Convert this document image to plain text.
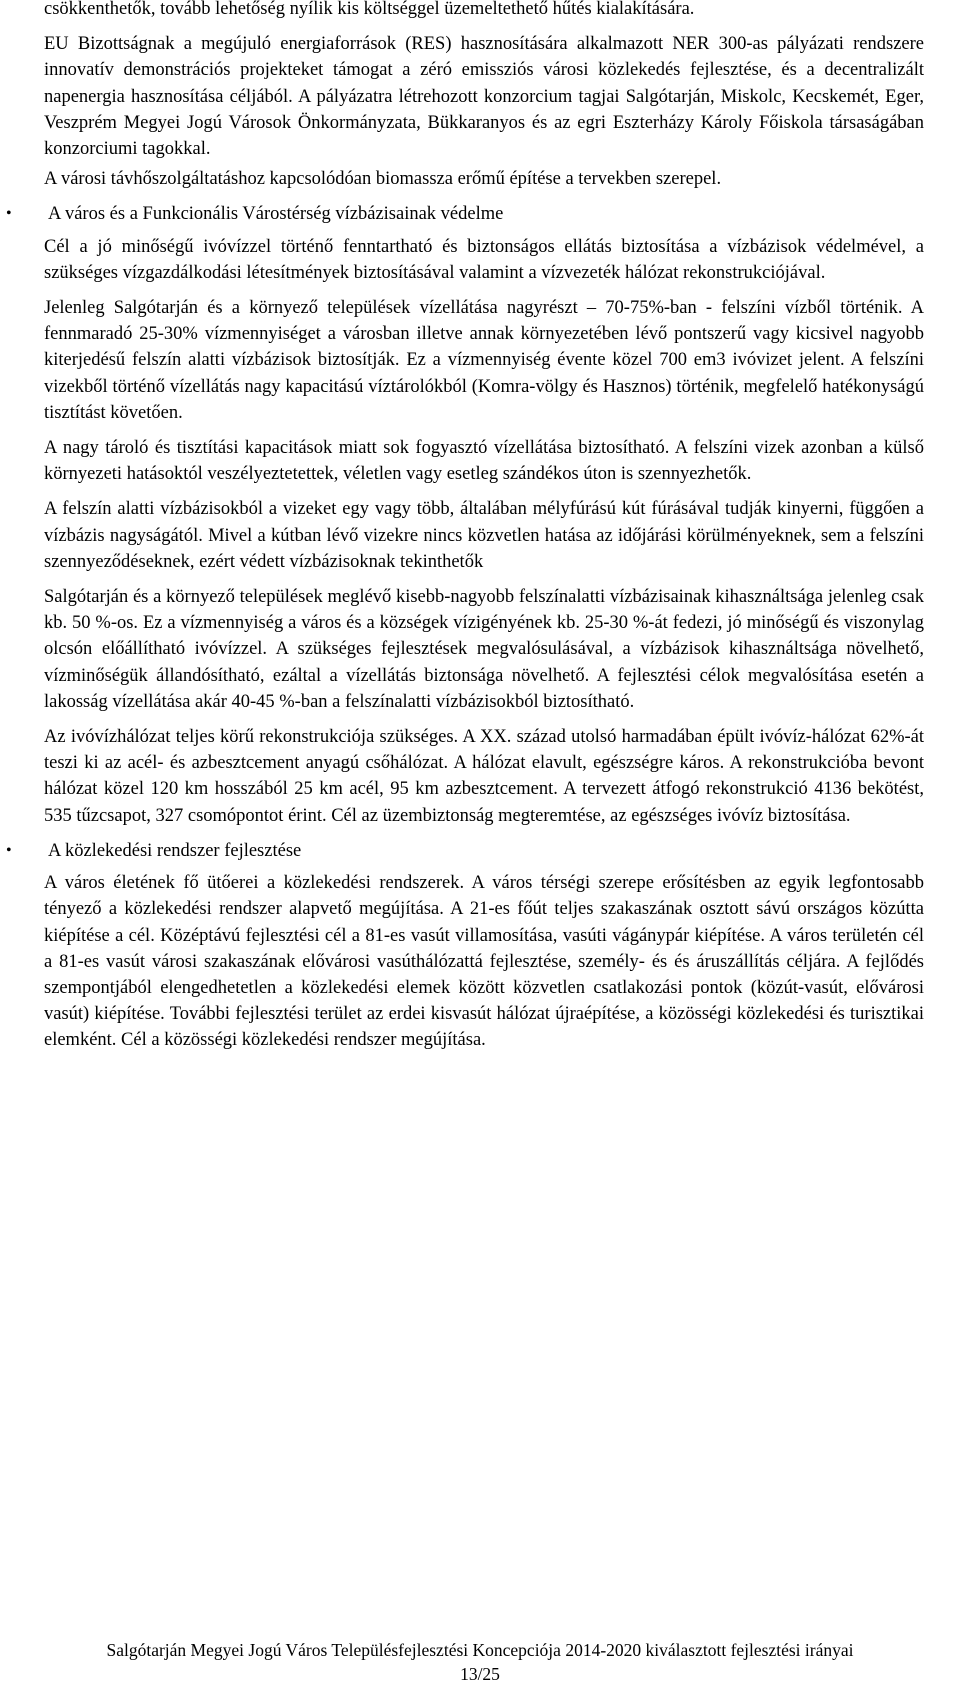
csökkenthetők, tovább lehetőség nyílik kis költséggel üzemeltethető hűtés kialakítására.

EU Bizottságnak a megújuló energiaforrások (RES) hasznosítására alkalmazott NER 300-as pályázati rendszere innovatív demonstrációs projekteket támogat a zéró emissziós városi közlekedés fejlesztése, és a decentralizált napenergia hasznosítása céljából. A pályázatra létrehozott konzorcium tagjai Salgótarján, Miskolc, Kecskemét, Eger, Veszprém Megyei Jogú Városok Önkormányzata, Bükkaranyos és az egri Eszterházy Károly Főiskola társaságában konzorciumi tagokkal.

A városi távhőszolgáltatáshoz kapcsolódóan biomassza erőmű építése a tervekben szerepel.

• A város és a Funkcionális Várostérség vízbázisainak védelme

Cél a jó minőségű ivóvízzel történő fenntartható és biztonságos ellátás biztosítása a vízbázisok védelmével, a szükséges vízgazdálkodási létesítmények biztosításával valamint a vízvezeték hálózat rekonstrukciójával.

Jelenleg Salgótarján és a környező települések vízellátása nagyrészt – 70-75%-ban - felszíni vízből történik. A fennmaradó 25-30% vízmennyiséget a városban illetve annak környezetében lévő pontszerű vagy kicsivel nagyobb kiterjedésű felszín alatti vízbázisok biztosítják. Ez a vízmennyiség évente közel 700 em3 ivóvizet jelent. A felszíni vizekből történő vízellátás nagy kapacitású víztárolókból (Komra-völgy és Hasznos) történik, megfelelő hatékonyságú tisztítást követően.

A nagy tároló és tisztítási kapacitások miatt sok fogyasztó vízellátása biztosítható. A felszíni vizek azonban a külső környezeti hatásoktól veszélyeztetettek, véletlen vagy esetleg szándékos úton is szennyezhetők.

A felszín alatti vízbázisokból a vizeket egy vagy több, általában mélyfúrású kút fúrásával tudják kinyerni, függően a vízbázis nagyságától. Mivel a kútban lévő vizekre nincs közvetlen hatása az időjárási körülményeknek, sem a felszíni szennyeződéseknek, ezért védett vízbázisoknak tekinthetők

Salgótarján és a környező települések meglévő kisebb-nagyobb felszínalatti vízbázisainak kihasználtsága jelenleg csak kb. 50 %-os. Ez a vízmennyiség a város és a községek vízigényének kb. 25-30 %-át fedezi, jó minőségű és viszonylag olcsón előállítható ivóvízzel. A szükséges fejlesztések megvalósulásával, a vízbázisok kihasználtsága növelhető, vízminőségük állandósítható, ezáltal a vízellátás biztonsága növelhető. A fejlesztési célok megvalósítása esetén a lakosság vízellátása akár 40-45 %-ban a felszínalatti vízbázisokból biztosítható.

Az ivóvízhálózat teljes körű rekonstrukciója szükséges. A XX. század utolsó harmadában épült ivóvíz-hálózat 62%-át teszi ki az acél- és azbesztcement anyagú csőhálózat. A hálózat elavult, egészségre káros. A rekonstrukcióba bevont hálózat közel 120 km hosszából 25 km acél, 95 km azbesztcement. A tervezett átfogó rekonstrukció 4136 bekötést, 535 tűzcsapot, 327 csomópontot érint. Cél az üzembiztonság megteremtése, az egészséges ivóvíz biztosítása.

• A közlekedési rendszer fejlesztése

A város életének fő ütőerei a közlekedési rendszerek. A város térségi szerepe erősítésben az egyik legfontosabb tényező a közlekedési rendszer alapvető megújítása. A 21-es főút teljes szakaszának osztott sávú országos közútta kiépítése a cél. Középtávú fejlesztési cél a 81-es vasút villamosítása, vasúti vágánypár kiépítése. A város területén cél a 81-es vasút városi szakaszának elővárosi vasúthálózattá fejlesztése, személy- és és áruszállítás céljára. A fejlődés szempontjából elengedhetetlen a közlekedési elemek között közvetlen csatlakozási pontok (közút-vasút, elővárosi vasút) kiépítése. További fejlesztési terület az erdei kisvasút hálózat újraépítése, a közösségi közlekedési és turisztikai elemként. Cél a közösségi közlekedési rendszer megújítása.

Salgótarján Megyei Jogú Város Településfejlesztési Koncepciója 2014-2020 kiválasztott fejlesztési irányai
13/25
